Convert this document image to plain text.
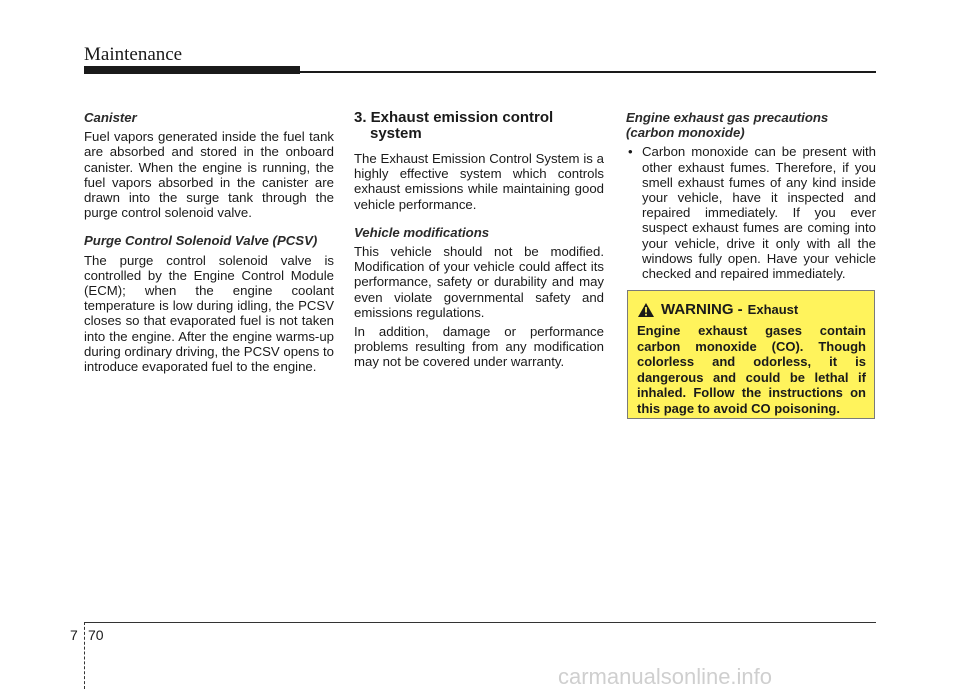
Maintenance
Canister

Fuel vapors generated inside the fuel tank are absorbed and stored in the onboard canister. When the engine is running, the fuel vapors absorbed in the canister are drawn into the surge tank through the purge control solenoid valve.

Purge Control Solenoid Valve (PCSV)

The purge control solenoid valve is controlled by the Engine Control Module (ECM); when the engine coolant temperature is low during idling, the PCSV closes so that evaporated fuel is not taken into the engine. After the engine warms-up during ordinary driving, the PCSV opens to introduce evaporated fuel to the engine.

3. Exhaust emission control
system

The Exhaust Emission Control System is a highly effective system which controls exhaust emissions while maintaining good vehicle performance.

Vehicle modifications

This vehicle should not be modified. Modification of your vehicle could affect its performance, safety or durability and may even violate governmental safety and emissions regulations.

In addition, damage or performance problems resulting from any modification may not be covered under warranty.

Engine exhaust gas precautions (carbon monoxide)
• Carbon monoxide can be present with other exhaust fumes. Therefore, if you smell exhaust fumes of any kind inside your vehicle, have it inspected and repaired immediately. If you ever suspect exhaust fumes are coming into your vehicle, drive it only with all the windows fully open. Have your vehicle checked and repaired immediately.
WARNING - Exhaust
Engine exhaust gases contain carbon monoxide (CO). Though colorless and odorless, it is dangerous and could be lethal if inhaled. Follow the instructions on this page to avoid CO poisoning.
7 70
carmanualsonline.info
